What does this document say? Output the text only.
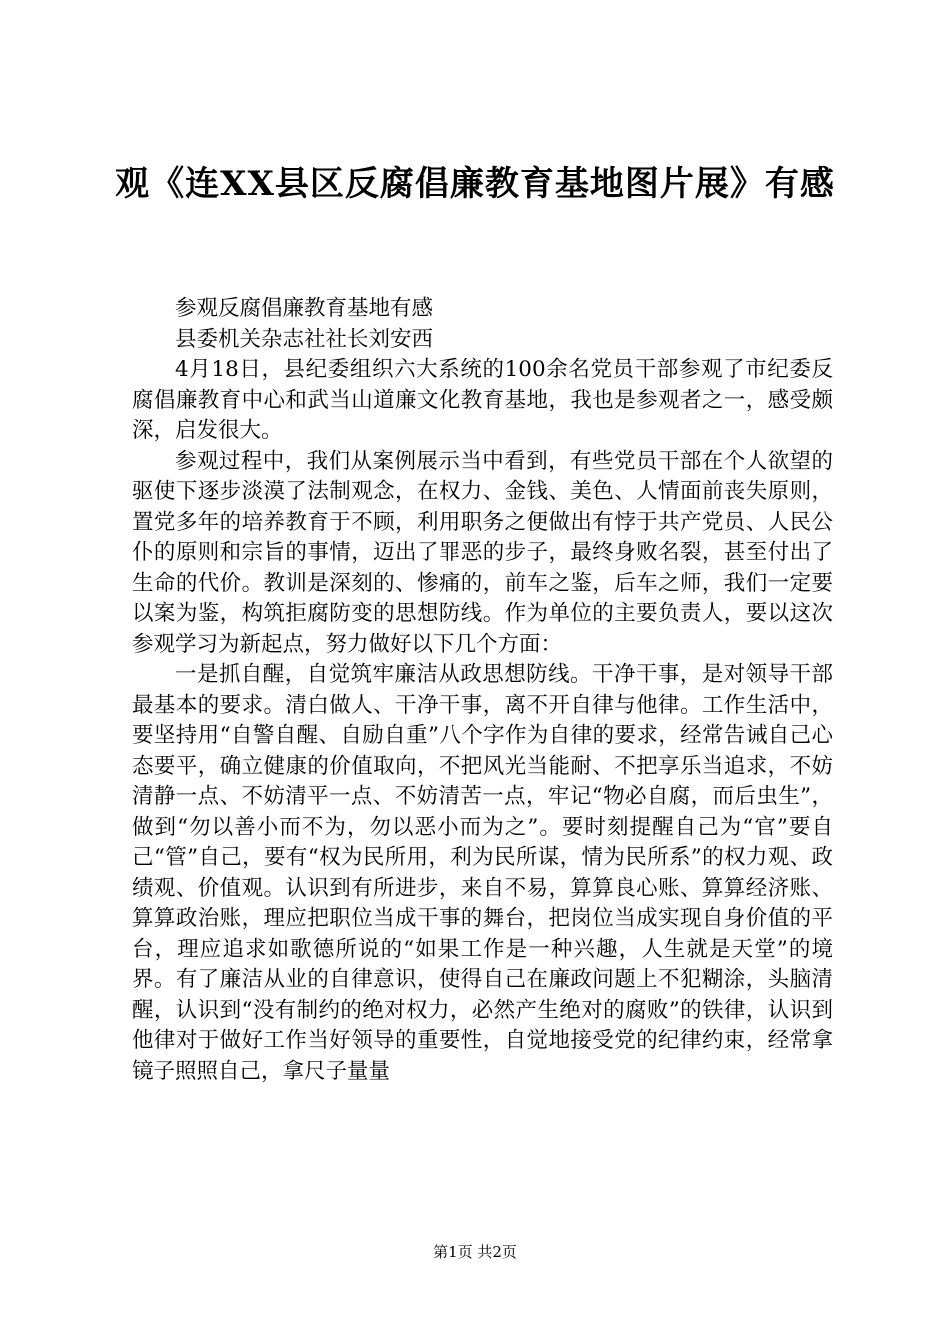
观《连XX县区反腐倡廉教育基地图片展》有感

参观反腐倡廉教育基地有感

县委机关杂志社社长刘安西

4月18日，县纪委组织六大系统的100余名党员干部参观了市纪委反腐倡廉教育中心和武当山道廉文化教育基地，我也是参观者之一，感受颇深，启发很大。

参观过程中，我们从案例展示当中看到，有些党员干部在个人欲望的驱使下逐步淡漠了法制观念，在权力、金钱、美色、人情面前丧失原则，置党多年的培养教育于不顾，利用职务之便做出有悖于共产党员、人民公仆的原则和宗旨的事情，迈出了罪恶的步子，最终身败名裂，甚至付出了生命的代价。教训是深刻的、惨痛的，前车之鉴，后车之师，我们一定要以案为鉴，构筑拒腐防变的思想防线。作为单位的主要负责人，要以这次参观学习为新起点，努力做好以下几个方面：

一是抓自醒，自觉筑牢廉洁从政思想防线。干净干事，是对领导干部最基本的要求。清白做人、干净干事，离不开自律与他律。工作生活中，要坚持用“自警自醒、自励自重”八个字作为自律的要求，经常告诫自己心态要平，确立健康的价值取向，不把风光当能耐、不把享乐当追求，不妨清静一点、不妨清平一点、不妨清苦一点，牢记“物必自腐，而后虫生”，做到“勿以善小而不为，勿以恶小而为之”。要时刻提醒自己为“官”要自己“管”自己，要有“权为民所用，利为民所谋，情为民所系”的权力观、政绩观、价值观。认识到有所进步，来自不易，算算良心账、算算经济账、算算政治账，理应把职位当成干事的舞台，把岗位当成实现自身价值的平台，理应追求如歌德所说的“如果工作是一种兴趣，人生就是天堂”的境界。有了廉洁从业的自律意识，使得自己在廉政问题上不犯糊涂，头脑清醒，认识到“没有制约的绝对权力，必然产生绝对的腐败”的铁律，认识到他律对于做好工作当好领导的重要性，自觉地接受党的纪律约束，经常拿镜子照照自己，拿尺子量量

第1页 共2页
